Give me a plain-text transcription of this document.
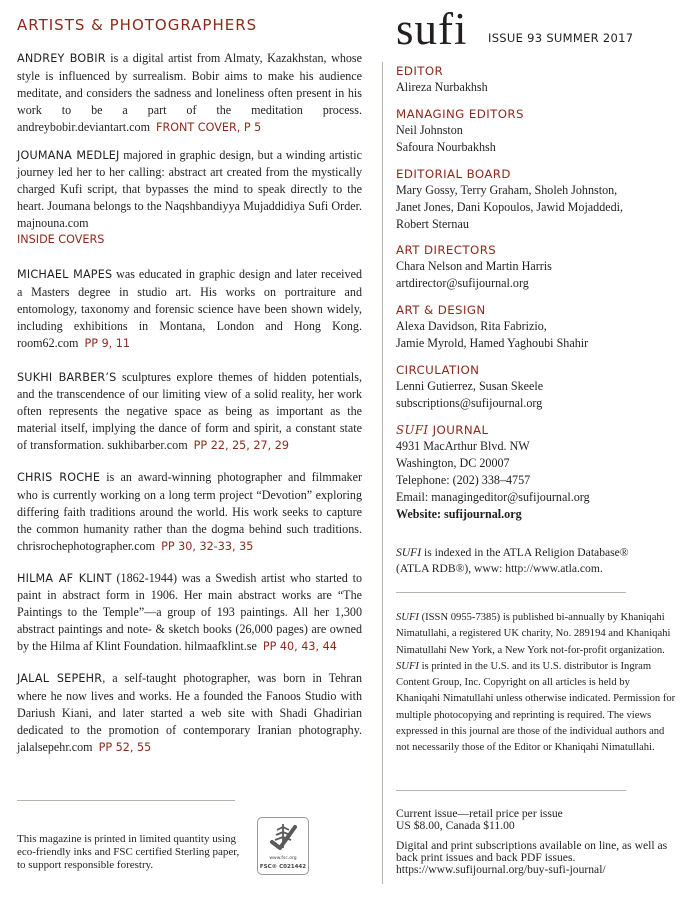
ARTISTS & PHOTOGRAPHERS

ANDREY BOBIR is a digital artist from Almaty, Kazakhstan, whose style is influenced by surrealism. Bobir aims to make his audience meditate, and considers the sadness and loneliness often present in his work to be a part of the meditation process. andreybobir.deviantart.com FRONT COVER, P 5

JOUMANA MEDLEJ majored in graphic design, but a winding artistic journey led her to her calling: abstract art created from the mystically charged Kufi script, that bypasses the mind to speak directly to the heart. Joumana belongs to the Naqshbandiyya Mujaddidiya Sufi Order. majnouna.com
INSIDE COVERS

MICHAEL MAPES was educated in graphic design and later received a Masters degree in studio art. His works on portraiture and entomology, taxonomy and forensic science have been shown widely, including exhibitions in Montana, London and Hong Kong. room62.com PP 9, 11

SUKHI BARBER’S sculptures explore themes of hidden potentials, and the transcendence of our limiting view of a solid reality, her work often represents the negative space as being as important as the material itself, implying the dance of form and spirit, a constant state of transformation. sukhibarber.com PP 22, 25, 27, 29

CHRIS ROCHE is an award-winning photographer and filmmaker who is currently working on a long term project “Devotion” exploring differing faith traditions around the world. His work seeks to capture the common humanity rather than the dogma behind such traditions. chrisrochephotographer.com PP 30, 32-33, 35

HILMA AF KLINT (1862-1944) was a Swedish artist who started to paint in abstract form in 1906. Her main abstract works are “The Paintings to the Temple”—a group of 193 paintings. All her 1,300 abstract paintings and note- & sketch books (26,000 pages) are owned by the Hilma af Klint Foundation. hilmaafklint.se PP 40, 43, 44

JALAL SEPEHR, a self-taught photographer, was born in Tehran where he now lives and works. He a founded the Fanoos Studio with Dariush Kiani, and later started a web site with Shadi Ghadirian dedicated to the promotion of contemporary Iranian photography. jalalsepehr.com PP 52, 55

This magazine is printed in limited quantity using eco-friendly inks and FSC certified Sterling paper, to support responsible forestry.
www.fsc.org
FSC® C021442
sufi ISSUE 93 SUMMER 2017
EDITOR
Alireza Nurbakhsh
MANAGING EDITORS
Neil Johnston
Safoura Nourbakhsh
EDITORIAL BOARD
Mary Gossy, Terry Graham, Sholeh Johnston,
Janet Jones, Dani Kopoulos, Jawid Mojaddedi,
Robert Sternau
ART DIRECTORS
Chara Nelson and Martin Harris
artdirector@sufijournal.org
ART & DESIGN
Alexa Davidson, Rita Fabrizio,
Jamie Myrold, Hamed Yaghoubi Shahir
CIRCULATION
Lenni Gutierrez, Susan Skeele
subscriptions@sufijournal.org
SUFI JOURNAL
4931 MacArthur Blvd. NW
Washington, DC 20007
Telephone: (202) 338–4757
Email: managingeditor@sufijournal.org
Website: sufijournal.org
SUFI is indexed in the ATLA Religion Database® (ATLA RDB®), www: http://www.atla.com.
SUFI (ISSN 0955-7385) is published bi-annually by Khaniqahi Nimatullahi, a registered UK charity, No. 289194 and Khaniqahi Nimatullahi New York, a New York not-for-profit organization. SUFI is printed in the U.S. and its U.S. distributor is Ingram Content Group, Inc. Copyright on all articles is held by Khaniqahi Nimatullahi unless otherwise indicated. Permission for multiple photocopying and reprinting is required. The views expressed in this journal are those of the individual authors and not necessarily those of the Editor or Khaniqahi Nimatullahi.
Current issue—retail price per issue
US $8.00, Canada $11.00
Digital and print subscriptions available on line, as well as back print issues and back PDF issues.
https://www.sufijournal.org/buy-sufi-journal/
